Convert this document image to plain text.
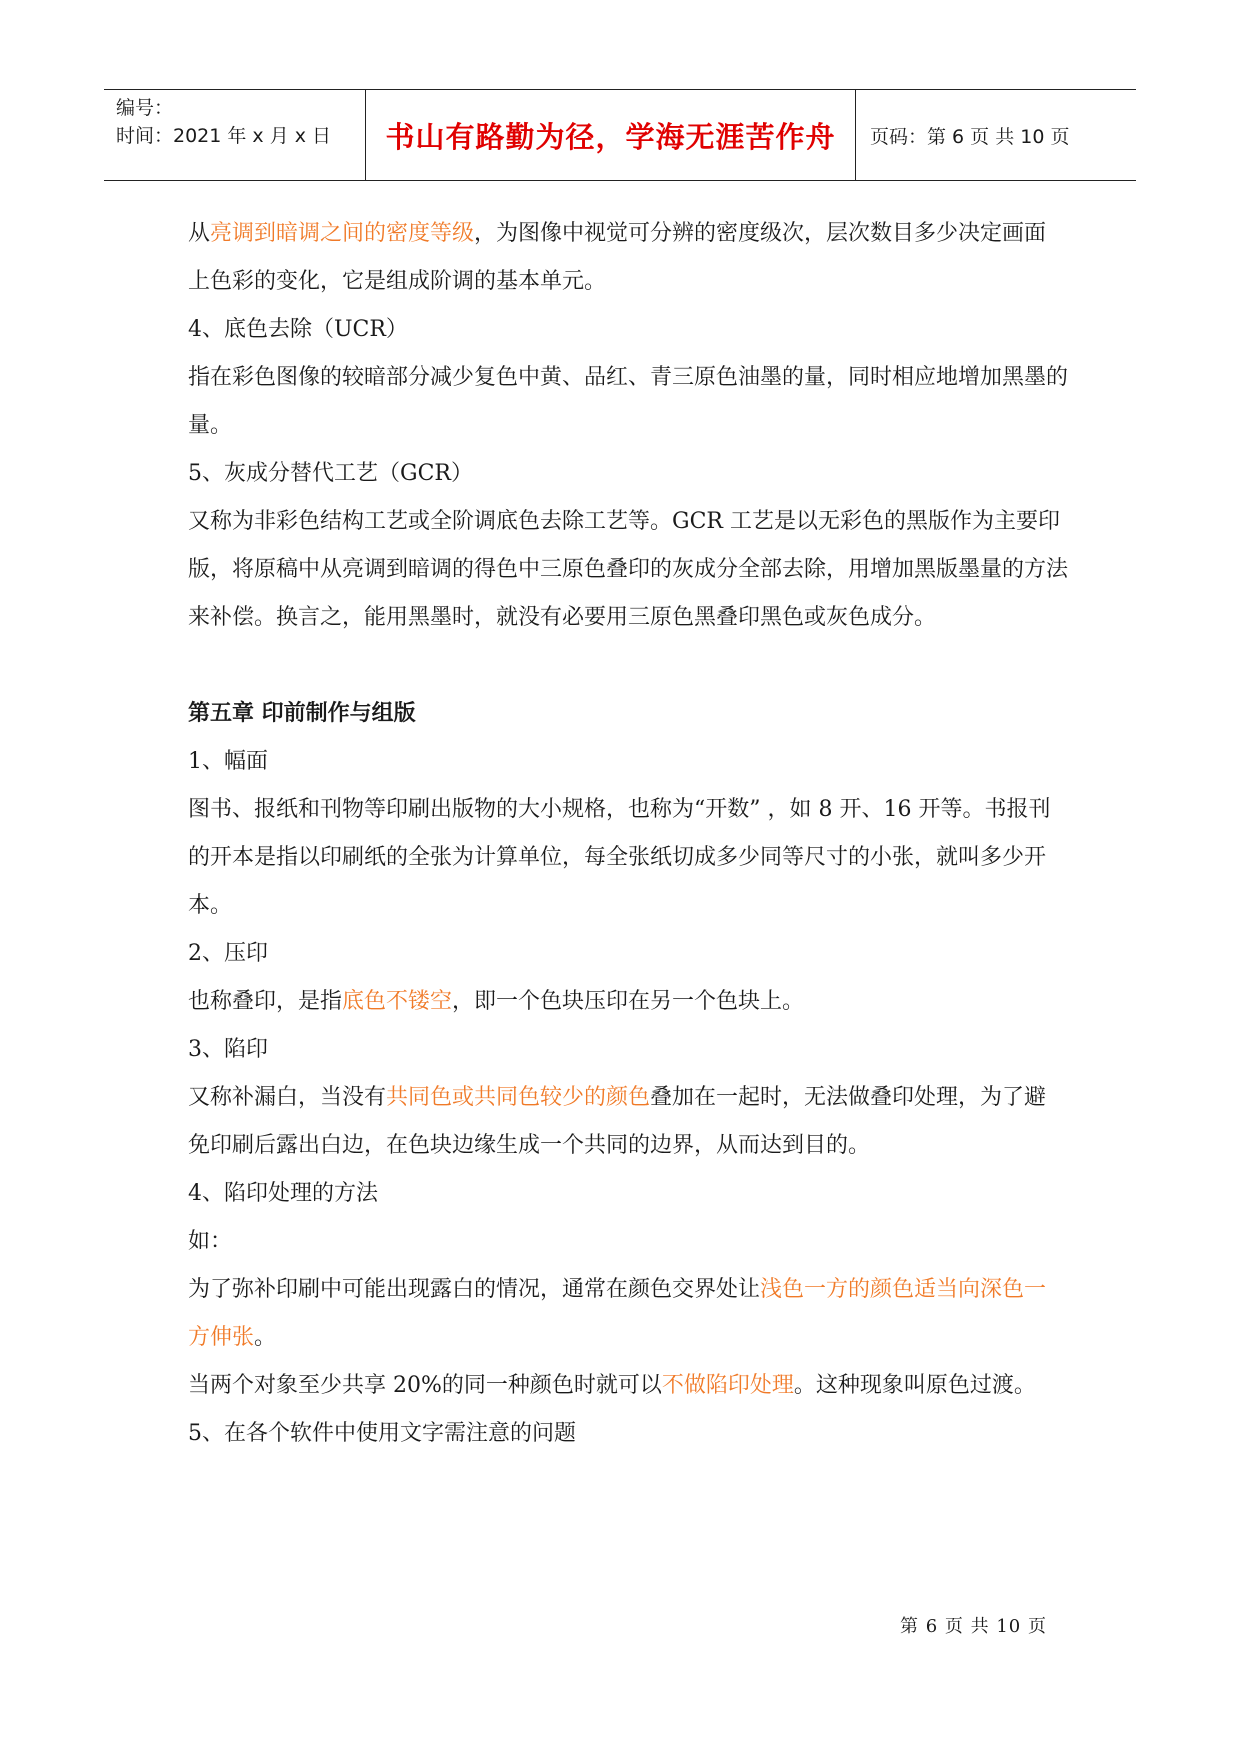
编号：
时间：2021 年 x 月 x 日	书山有路勤为径，学海无涯苦作舟	页码：第 6 页 共 10 页

从亮调到暗调之间的密度等级，为图像中视觉可分辨的密度级次，层次数目多少决定画面上色彩的变化，它是组成阶调的基本单元。

4、底色去除（UCR）

指在彩色图像的较暗部分减少复色中黄、品红、青三原色油墨的量，同时相应地增加黑墨的量。

5、灰成分替代工艺（GCR）

又称为非彩色结构工艺或全阶调底色去除工艺等。GCR 工艺是以无彩色的黑版作为主要印版，将原稿中从亮调到暗调的得色中三原色叠印的灰成分全部去除，用增加黑版墨量的方法来补偿。换言之，能用黑墨时，就没有必要用三原色黑叠印黑色或灰色成分。

第五章 印前制作与组版

1、幅面

图书、报纸和刊物等印刷出版物的大小规格，也称为“开数” ，如 8 开、16 开等。书报刊的开本是指以印刷纸的全张为计算单位，每全张纸切成多少同等尺寸的小张，就叫多少开本。

2、压印

也称叠印，是指底色不镂空，即一个色块压印在另一个色块上。

3、陷印

又称补漏白，当没有共同色或共同色较少的颜色叠加在一起时，无法做叠印处理，为了避免印刷后露出白边，在色块边缘生成一个共同的边界，从而达到目的。

4、陷印处理的方法

如：

为了弥补印刷中可能出现露白的情况，通常在颜色交界处让浅色一方的颜色适当向深色一方伸张。

当两个对象至少共享 20%的同一种颜色时就可以不做陷印处理。这种现象叫原色过渡。

5、在各个软件中使用文字需注意的问题

第 6 页 共 10 页
